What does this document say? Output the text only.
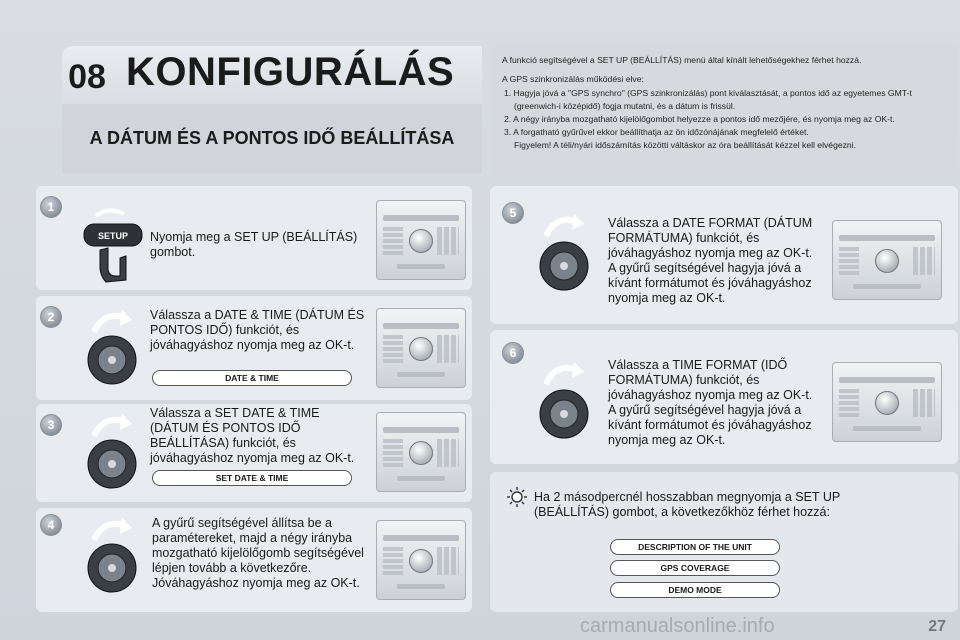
08 KONFIGURÁLÁS
A DÁTUM ÉS A PONTOS IDŐ BEÁLLÍTÁSA

A funkció segítségével a SET UP (BEÁLLÍTÁS) menü által kínált lehetőségekhez férhet hozzá.

A GPS szinkronizálás működési elve:

1. Hagyja jóvá a "GPS synchro" (GPS szinkronizálás) pont kiválasztását, a pontos idő az egyetemes GMT-t (greenwich-i középidő) fogja mutatni, és a dátum is frissül.
2. A négy irányba mozgatható kijelölőgombot helyezze a pontos idő mezőjére, és nyomja meg az OK-t.
3. A forgatható gyűrűvel ekkor beállíthatja az ön időzónájának megfelelő értéket.
Figyelem! A téli/nyári időszámítás közötti váltáskor az óra beállítását kézzel kell elvégezni.
1
SETUP Nyomja meg a SET UP (BEÁLLÍTÁS) gombot.
2	Válassza a DATE & TIME (DÁTUM ÉS PONTOS IDŐ) funkciót, és jóváhagyáshoz nyomja meg az OK-t.
DATE & TIME
3
Válassza a SET DATE & TIME (DÁTUM ÉS PONTOS IDŐ BEÁLLÍTÁSA) funkciót, és jóváhagyáshoz nyomja meg az OK-t.
SET DATE & TIME
4	A gyűrű segítségével állítsa be a paramétereket, majd a négy irányba mozgatható kijelölőgomb segítségével lépjen tovább a következőre. Jóváhagyáshoz nyomja meg az OK-t.
5
Válassza a DATE FORMAT (DÁTUM FORMÁTUMA) funkciót, és jóváhagyáshoz nyomja meg az OK-t. A gyűrű segítségével hagyja jóvá a kívánt formátumot és jóváhagyáshoz nyomja meg az OK-t.
6
Válassza a TIME FORMAT (IDŐ FORMÁTUMA) funkciót, és jóváhagyáshoz nyomja meg az OK-t. A gyűrű segítségével hagyja jóvá a kívánt formátumot és jóváhagyáshoz nyomja meg az OK-t.
Ha 2 másodpercnél hosszabban megnyomja a SET UP (BEÁLLÍTÁS) gombot, a következőkhöz férhet hozzá:
DESCRIPTION OF THE UNIT
GPS COVERAGE
DEMO MODE
carmanualsonline.info	27
